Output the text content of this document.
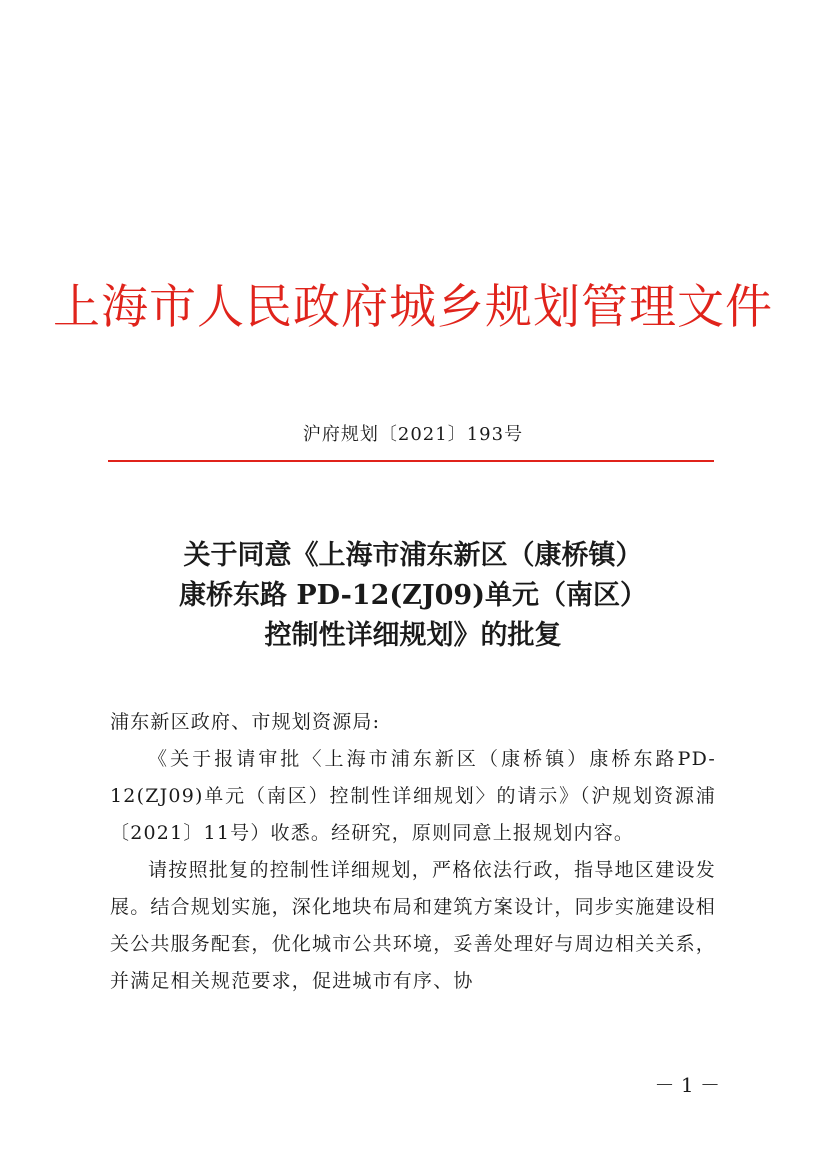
上海市人民政府城乡规划管理文件
沪府规划〔2021〕193号
关于同意《上海市浦东新区（康桥镇）
康桥东路 PD-12(ZJ09)单元（南区）
控制性详细规划》的批复

浦东新区政府、市规划资源局:

《关于报请审批〈上海市浦东新区（康桥镇）康桥东路PD-12(ZJ09)单元（南区）控制性详细规划〉的请示》（沪规划资源浦〔2021〕11号）收悉。经研究，原则同意上报规划内容。

请按照批复的控制性详细规划，严格依法行政，指导地区建设发展。结合规划实施，深化地块布局和建筑方案设计，同步实施建设相关公共服务配套，优化城市公共环境，妥善处理好与周边相关关系，并满足相关规范要求，促进城市有序、协

－ 1 －
